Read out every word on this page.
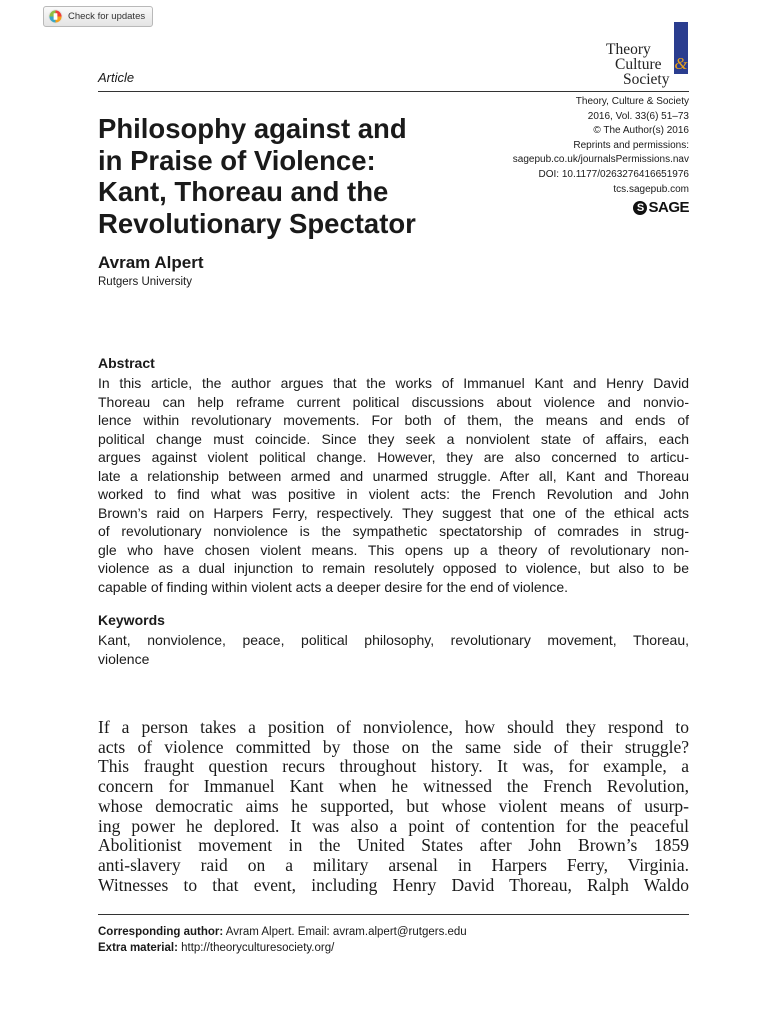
Check for updates
Theory
Culture &
Society
Article
Theory, Culture & Society
2016, Vol. 33(6) 51–73
© The Author(s) 2016
Reprints and permissions:
sagepub.co.uk/journalsPermissions.nav
DOI: 10.1177/0263276416651976
tcs.sagepub.com
S SAGE
Philosophy against and
in Praise of Violence:
Kant, Thoreau and the
Revolutionary Spectator
Avram Alpert
Rutgers University
Abstract
In this article, the author argues that the works of Immanuel Kant and Henry David
Thoreau can help reframe current political discussions about violence and nonvio-
lence within revolutionary movements. For both of them, the means and ends of
political change must coincide. Since they seek a nonviolent state of affairs, each
argues against violent political change. However, they are also concerned to articu-
late a relationship between armed and unarmed struggle. After all, Kant and Thoreau
worked to find what was positive in violent acts: the French Revolution and John
Brown’s raid on Harpers Ferry, respectively. They suggest that one of the ethical acts
of revolutionary nonviolence is the sympathetic spectatorship of comrades in strug-
gle who have chosen violent means. This opens up a theory of revolutionary non-
violence as a dual injunction to remain resolutely opposed to violence, but also to be
capable of finding within violent acts a deeper desire for the end of violence.
Keywords
Kant, nonviolence, peace, political philosophy, revolutionary movement, Thoreau,
violence
If a person takes a position of nonviolence, how should they respond to
acts of violence committed by those on the same side of their struggle?
This fraught question recurs throughout history. It was, for example, a
concern for Immanuel Kant when he witnessed the French Revolution,
whose democratic aims he supported, but whose violent means of usurp-
ing power he deplored. It was also a point of contention for the peaceful
Abolitionist movement in the United States after John Brown’s 1859
anti-slavery raid on a military arsenal in Harpers Ferry, Virginia.
Witnesses to that event, including Henry David Thoreau, Ralph Waldo
Corresponding author: Avram Alpert. Email: avram.alpert@rutgers.edu
Extra material: http://theoryculturesociety.org/
